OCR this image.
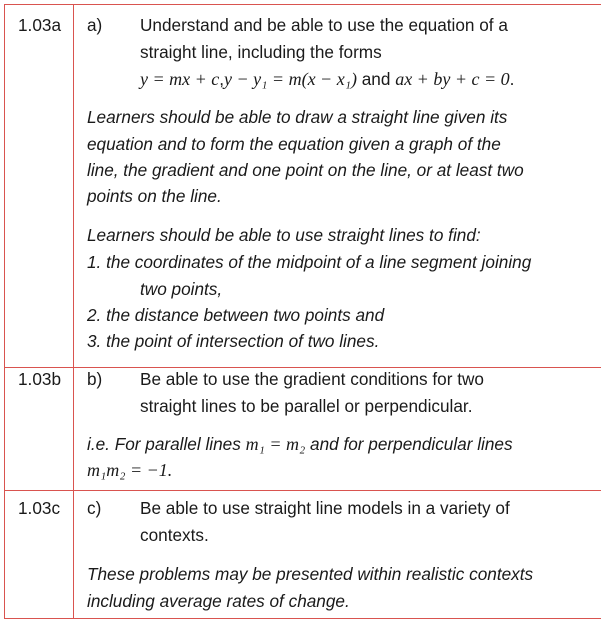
1.03a a) Understand and be able to use the equation of a
straight line, including the forms
y = mx + c,y − y₁ = m(x − x₁) and ax + by + c = 0.
Learners should be able to draw a straight line given its
equation and to form the equation given a graph of the
line, the gradient and one point on the line, or at least two
points on the line.
Learners should be able to use straight lines to find:
1. the coordinates of the midpoint of a line segment joining
two points,
2. the distance between two points and
3. the point of intersection of two lines.
1.03b b) Be able to use the gradient conditions for two
straight lines to be parallel or perpendicular.
i.e. For parallel lines m₁ = m₂ and for perpendicular lines
m₁m₂ = −1.
1.03c c) Be able to use straight line models in a variety of
contexts.
These problems may be presented within realistic contexts
including average rates of change.
